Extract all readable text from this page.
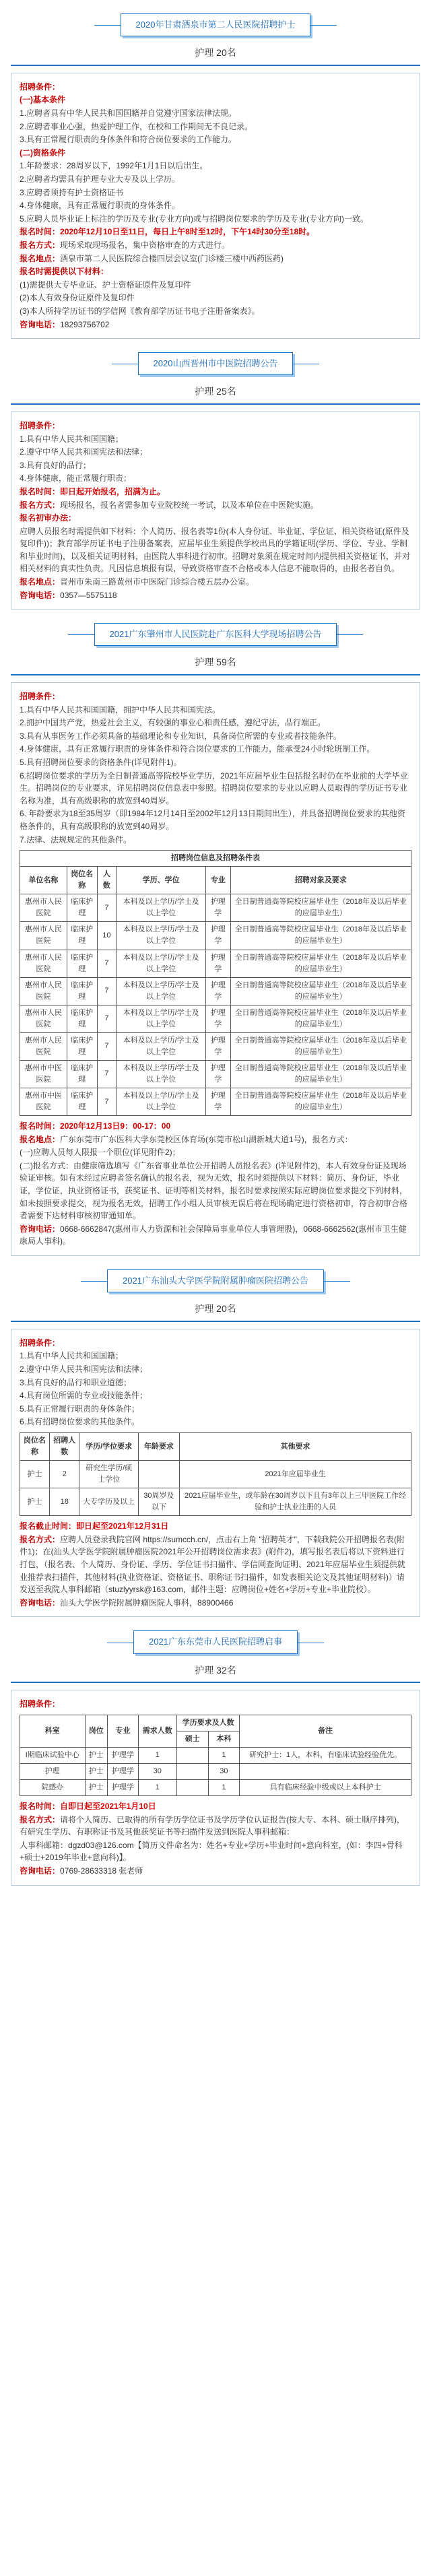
2020年甘肃酒泉市第二人民医院招聘护士
护理 20名

招聘条件：

(一)基本条件

1.应聘者具有中华人民共和国国籍并自觉遵守国家法律法规。

2.应聘者事业心强，热爱护理工作，在校和工作期间无不良记录。

3.具有正常履行职责的身体条件和符合岗位要求的工作能力。

(二)资格条件

1.年龄要求：28周岁以下，1992年1月1日以后出生。

2.应聘者均需具有护理专业大专及以上学历。

3.应聘者须持有护士资格证书

4.身体健康，具有正常履行职责的身体条件。

5.应聘人员毕业证上标注的学历及专业(专业方向)或与招聘岗位要求的学历及专业(专业方向)一致。

报名时间：2020年12月10日至11日，每日上午8时至12时，下午14时30分至18时。

报名方式：现场采取现场报名，集中资格审查的方式进行。

报名地点：酒泉市第二人民医院综合楼四层会议室(门诊楼三楼中西药医药)

报名时需提供以下材料：

(1)需提供大专毕业证、护士资格证原件及复印件

(2)本人有效身份证原件及复印件

(3)本人所持学历证书的学信网《教育部学历证书电子注册备案表》。

咨询电话：18293756702

2020山西晋州市中医院招聘公告
护理 25名

招聘条件：

1.具有中华人民共和国国籍；

2.遵守中华人民共和国宪法和法律；

3.具有良好的品行；

4.身体健康，能正常履行职责；

报名时间：即日起开始报名，招满为止。

报名方式：现场报名，报名者需参加专业院校统一考试，以及本单位在中医院实施。

报名初审办法：

应聘人员报名时需提供如下材料：个人简历、报名表等1份(本人身份证、毕业证、学位证、相关资格证(原件及复印件))；教育部学历证书电子注册备案表，应届毕业生须提供学校出具的学籍证明(学历、学位、专业、学制和毕业时间)，以及相关证明材料，由医院人事科进行初审。招聘对象须在规定时间内提供相关资格证书，并对相关材料的真实性负责。凡因信息填报有误，导致资格审查不合格或本人信息不能取得的，由报名者自负。

报名地点：晋州市朱南三路黄州市中医院门诊综合楼五层办公室。

咨询电话：0357—5575118

2021广东肇州市人民医院赴广东医科大学现场招聘公告
护理 59名

招聘条件：

1.具有中华人民共和国国籍，拥护中华人民共和国宪法。

2.拥护中国共产党，热爱社会主义，有较强的事业心和责任感，遵纪守法，品行端正。

3.具有从事医务工作必须具备的基础理论和专业知识，具备岗位所需的专业或者技能条件。

4.身体健康，具有正常履行职责的身体条件和符合岗位要求的工作能力，能承受24小时轮班制工作。

5.具有招聘岗位要求的资格条件(详见附件1)。

6.招聘岗位要求的学历为全日制普通高等院校毕业学历，2021年应届毕业生包括报名时仍在毕业前的大学毕业生。招聘岗位的专业要求，详见招聘岗位信息表中参照。招聘岗位要求的专业以应聘人员取得的学历证书专业名称为准，具有高级职称的放宽到40周岁。

6. 年龄要求为18至35周岁（即1984年12月14日至2002年12月13日期间出生），并具备招聘岗位要求的其他资格条件的，具有高级职称的放宽到40周岁。

7.法律、法规规定的其他条件。

招聘岗位信息及招聘条件表					
单位名称	岗位名称	人数	学历、学位	专业	招聘对象及要求
惠州市人民医院	临床护理	7	本科及以上学历/学士及以上学位	护理学	全日制普通高等院校应届毕业生（2018年及以后毕业的应届毕业生）
惠州市人民医院	临床护理	10	本科及以上学历/学士及以上学位	护理学	全日制普通高等院校应届毕业生（2018年及以后毕业的应届毕业生）
惠州市人民医院	临床护理	7	本科及以上学历/学士及以上学位	护理学	全日制普通高等院校应届毕业生（2018年及以后毕业的应届毕业生）
惠州市人民医院	临床护理	7	本科及以上学历/学士及以上学位	护理学	全日制普通高等院校应届毕业生（2018年及以后毕业的应届毕业生）
惠州市人民医院	临床护理	7	本科及以上学历/学士及以上学位	护理学	全日制普通高等院校应届毕业生（2018年及以后毕业的应届毕业生）
惠州市人民医院	临床护理	7	本科及以上学历/学士及以上学位	护理学	全日制普通高等院校应届毕业生（2018年及以后毕业的应届毕业生）
惠州市中医医院	临床护理	7	本科及以上学历/学士及以上学位	护理学	全日制普通高等院校应届毕业生（2018年及以后毕业的应届毕业生）
惠州市中医医院	临床护理	7	本科及以上学历/学士及以上学位	护理学	全日制普通高等院校应届毕业生（2018年及以后毕业的应届毕业生）

报名时间：2020年12月13日9：00-17：00

报名地点：广东东莞市广东医科大学东莞校区体育场(东莞市松山湖新城大道1号)，报名方式：

(一)应聘人员每人限报一个职位(详见附件2)；

(二)报名方式：由健康筛选填写《广东省事业单位公开招聘人员报名表》(详见附件2)，本人有效身份证及现场验证审核。如有未经过应聘者签名确认的报名表，视为无效，报名时须提供以下材料：简历、身份证，毕业证，学位证，执业资格证书，获奖证书、证明等相关材料，报名时要求按照实际应聘岗位要求提交下列材料，如未按照要求提交，视为报名无效，招聘工作小组人员审核无误后将在现场确定进行资格初审，符合初审合格者需要下达材料审核初审通知单。

咨询电话：0668-6662847(惠州市人力资源和社会保障局事业单位人事管理股)，0668-6662562(惠州市卫生健康局人事科)。

2021广东汕头大学医学院附属肿瘤医院招聘公告
护理 20名

招聘条件：

1.具有中华人民共和国国籍；

2.遵守中华人民共和国宪法和法律；

3.具有良好的品行和职业道德；

4.具有岗位所需的专业或技能条件；

5.具有正常履行职责的身体条件；

6.具有招聘岗位要求的其他条件。

岗位名称	招聘人数	学历/学位要求	年龄要求	其他要求
护士	2	研究生学历/硕士学位		2021年应届毕业生
护士	18	大专学历及以上	30周岁及以下	2021应届毕业生，或年龄在30周岁以下且有3年以上三甲医院工作经验和护士执业注册的人员

报名截止时间：即日起至2021年12月31日

报名方式：应聘人员登录我院官网 https://sumcch.cn/，点击右上角 "招聘英才"，下载我院公开招聘报名表(附件1)；在(汕头大学医学院附属肿瘤医院2021年公开招聘岗位需求表》(附件2)，填写报名表后将以下资料进行打包，（报名表、个人简历、身份证、学历、学位证书扫描件、学信网查询证明、2021年应届毕业生须提供就业推荐表扫描件，其他材料(执业资格证、资格证书、职称证书扫描件，如发表相关论文及其他证明材料)）请发送至我院人事科邮箱（stuzlyyrsk@163.com，邮件主题：应聘岗位+姓名+学历+专业+毕业院校）。

咨询电话：汕头大学医学院附属肿瘤医院人事科，88900466

2021广东东莞市人民医院招聘启事
护理 32名

招聘条件：

科室	岗位	专业	需求人数	学历要求及人数		备注
				硕士	本科	
I期临床试验中心	护士	护理学	1		1	研究护士：1人，本科，有临床试验经验优先。
护理	护士	护理学	30		30	
院感办	护士	护理学	1		1	具有临床经验中级或以上本科护士

报名时间：自即日起至2021年1月10日

报名方式：请将个人简历、已取得的所有学历学位证书及学历学位认证报告(按大专、本科、硕士顺序排列)，有研究生学历、有职称证书及其他获奖证书等扫描件发送到医院人事科邮箱：

人事科邮箱：dgzd03@126.com【简历文件命名为：姓名+专业+学历+毕业时间+意向科室，(如：李四+骨科+硕士+2019年毕业+意向科)】。

咨询电话：0769-28633318 张老师
